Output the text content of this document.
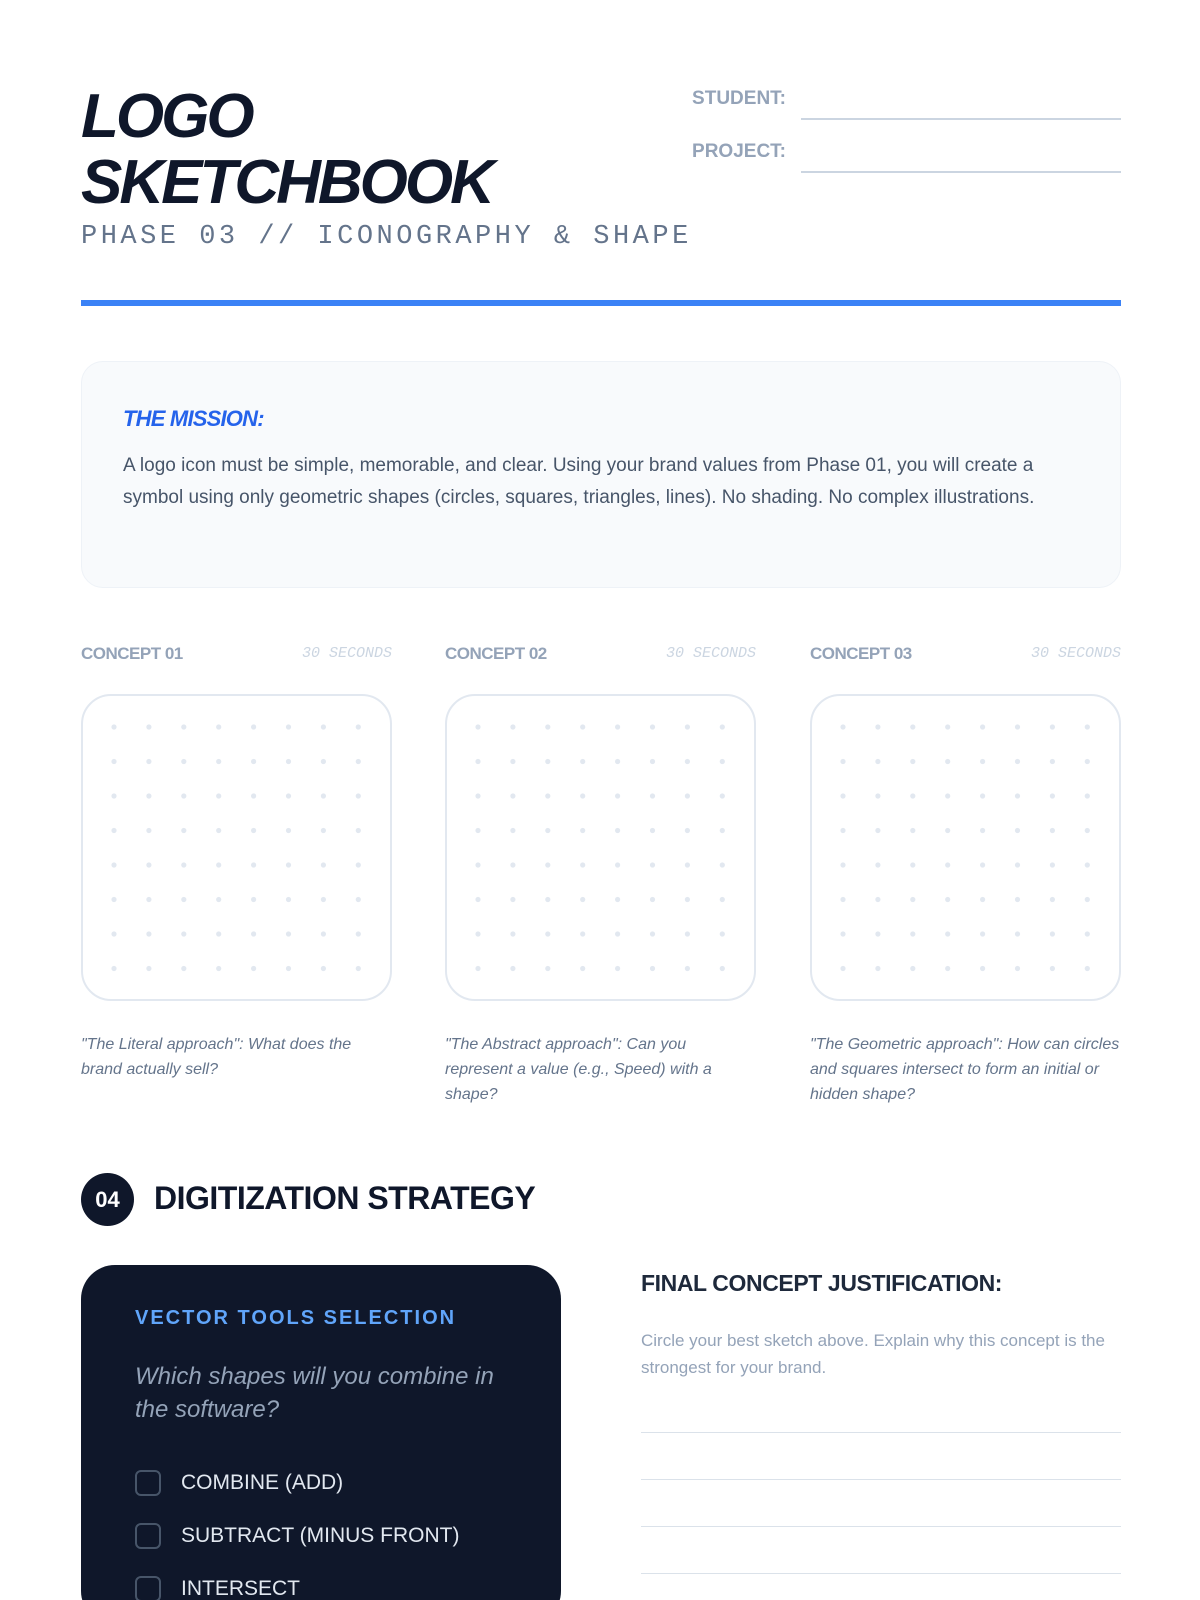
LOGO
SKETCHBOOK
PHASE 03 // ICONOGRAPHY & SHAPE
STUDENT:
PROJECT:
THE MISSION:
A logo icon must be simple, memorable, and clear. Using your brand values from Phase 01, you will create a symbol using only geometric shapes (circles, squares, triangles, lines). No shading. No complex illustrations.
CONCEPT 01	30 SECONDS
"The Literal approach": What does the brand actually sell?
CONCEPT 02	30 SECONDS
"The Abstract approach": Can you represent a value (e.g., Speed) with a shape?
CONCEPT 03	30 SECONDS
"The Geometric approach": How can circles and squares intersect to form an initial or hidden shape?
04	DIGITIZATION STRATEGY
VECTOR TOOLS SELECTION
Which shapes will you combine in the software?
COMBINE (ADD)
SUBTRACT (MINUS FRONT)
INTERSECT
FINAL CONCEPT JUSTIFICATION:
Circle your best sketch above. Explain why this concept is the strongest for your brand.
